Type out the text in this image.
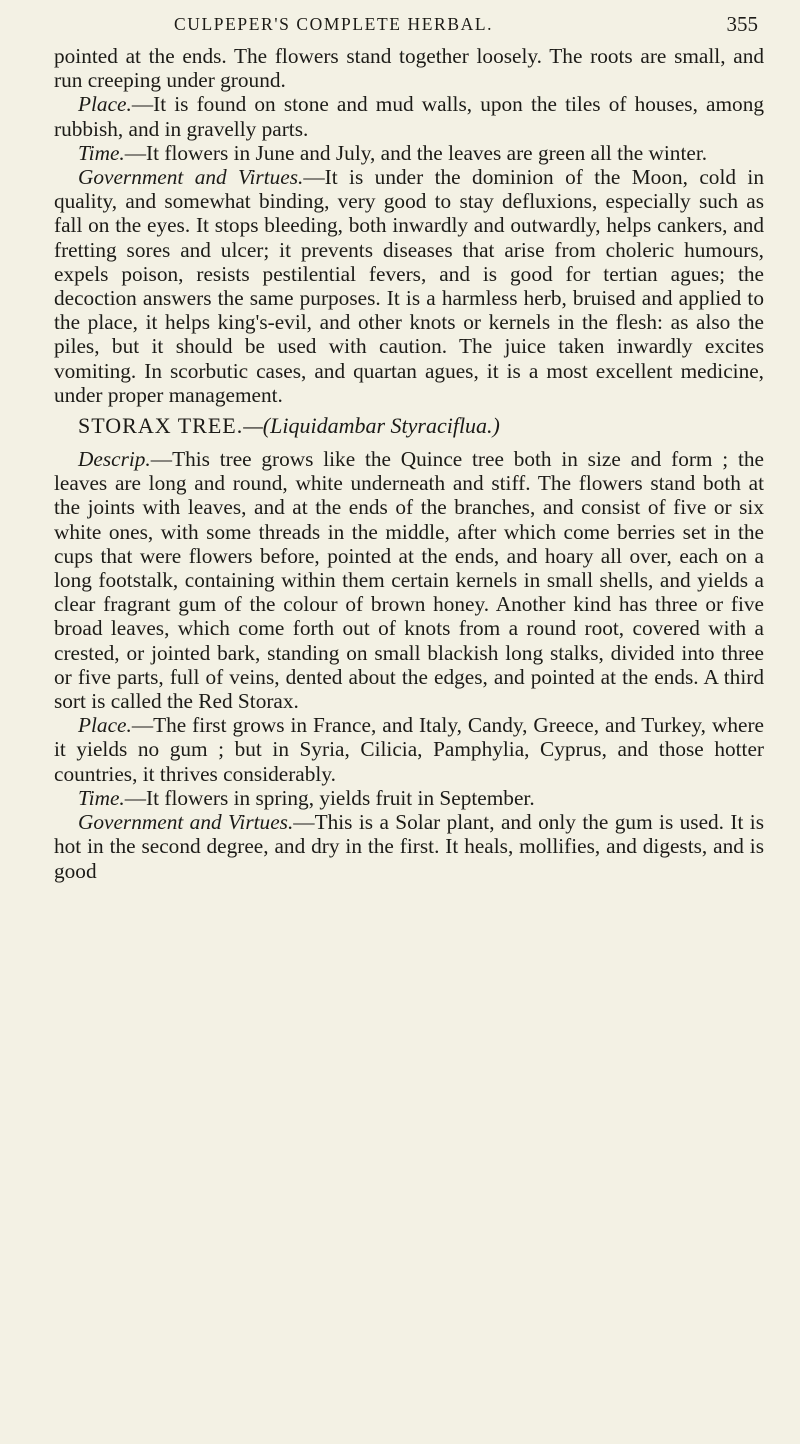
CULPEPER'S COMPLETE HERBAL.	355

pointed at the ends. The flowers stand together loosely. The roots are small, and run creeping under ground.

Place.—It is found on stone and mud walls, upon the tiles of houses, among rubbish, and in gravelly parts.

Time.—It flowers in June and July, and the leaves are green all the winter.

Government and Virtues.—It is under the dominion of the Moon, cold in quality, and somewhat binding, very good to stay defluxions, especially such as fall on the eyes. It stops bleeding, both inwardly and outwardly, helps cankers, and fretting sores and ulcer; it prevents diseases that arise from choleric humours, expels poison, resists pestilential fevers, and is good for tertian agues; the decoction answers the same purposes. It is a harmless herb, bruised and applied to the place, it helps king's-evil, and other knots or kernels in the flesh: as also the piles, but it should be used with caution. The juice taken inwardly excites vomiting. In scorbutic cases, and quartan agues, it is a most excellent medicine, under proper management.

STORAX TREE.—(Liquidambar Styraciflua.)

Descrip.—This tree grows like the Quince tree both in size and form ; the leaves are long and round, white underneath and stiff. The flowers stand both at the joints with leaves, and at the ends of the branches, and consist of five or six white ones, with some threads in the middle, after which come berries set in the cups that were flowers before, pointed at the ends, and hoary all over, each on a long footstalk, containing within them certain kernels in small shells, and yields a clear fragrant gum of the colour of brown honey. Another kind has three or five broad leaves, which come forth out of knots from a round root, covered with a crested, or jointed bark, standing on small blackish long stalks, divided into three or five parts, full of veins, dented about the edges, and pointed at the ends. A third sort is called the Red Storax.

Place.—The first grows in France, and Italy, Candy, Greece, and Turkey, where it yields no gum ; but in Syria, Cilicia, Pamphylia, Cyprus, and those hotter countries, it thrives considerably.

Time.—It flowers in spring, yields fruit in September.

Government and Virtues.—This is a Solar plant, and only the gum is used. It is hot in the second degree, and dry in the first. It heals, mollifies, and digests, and is good
